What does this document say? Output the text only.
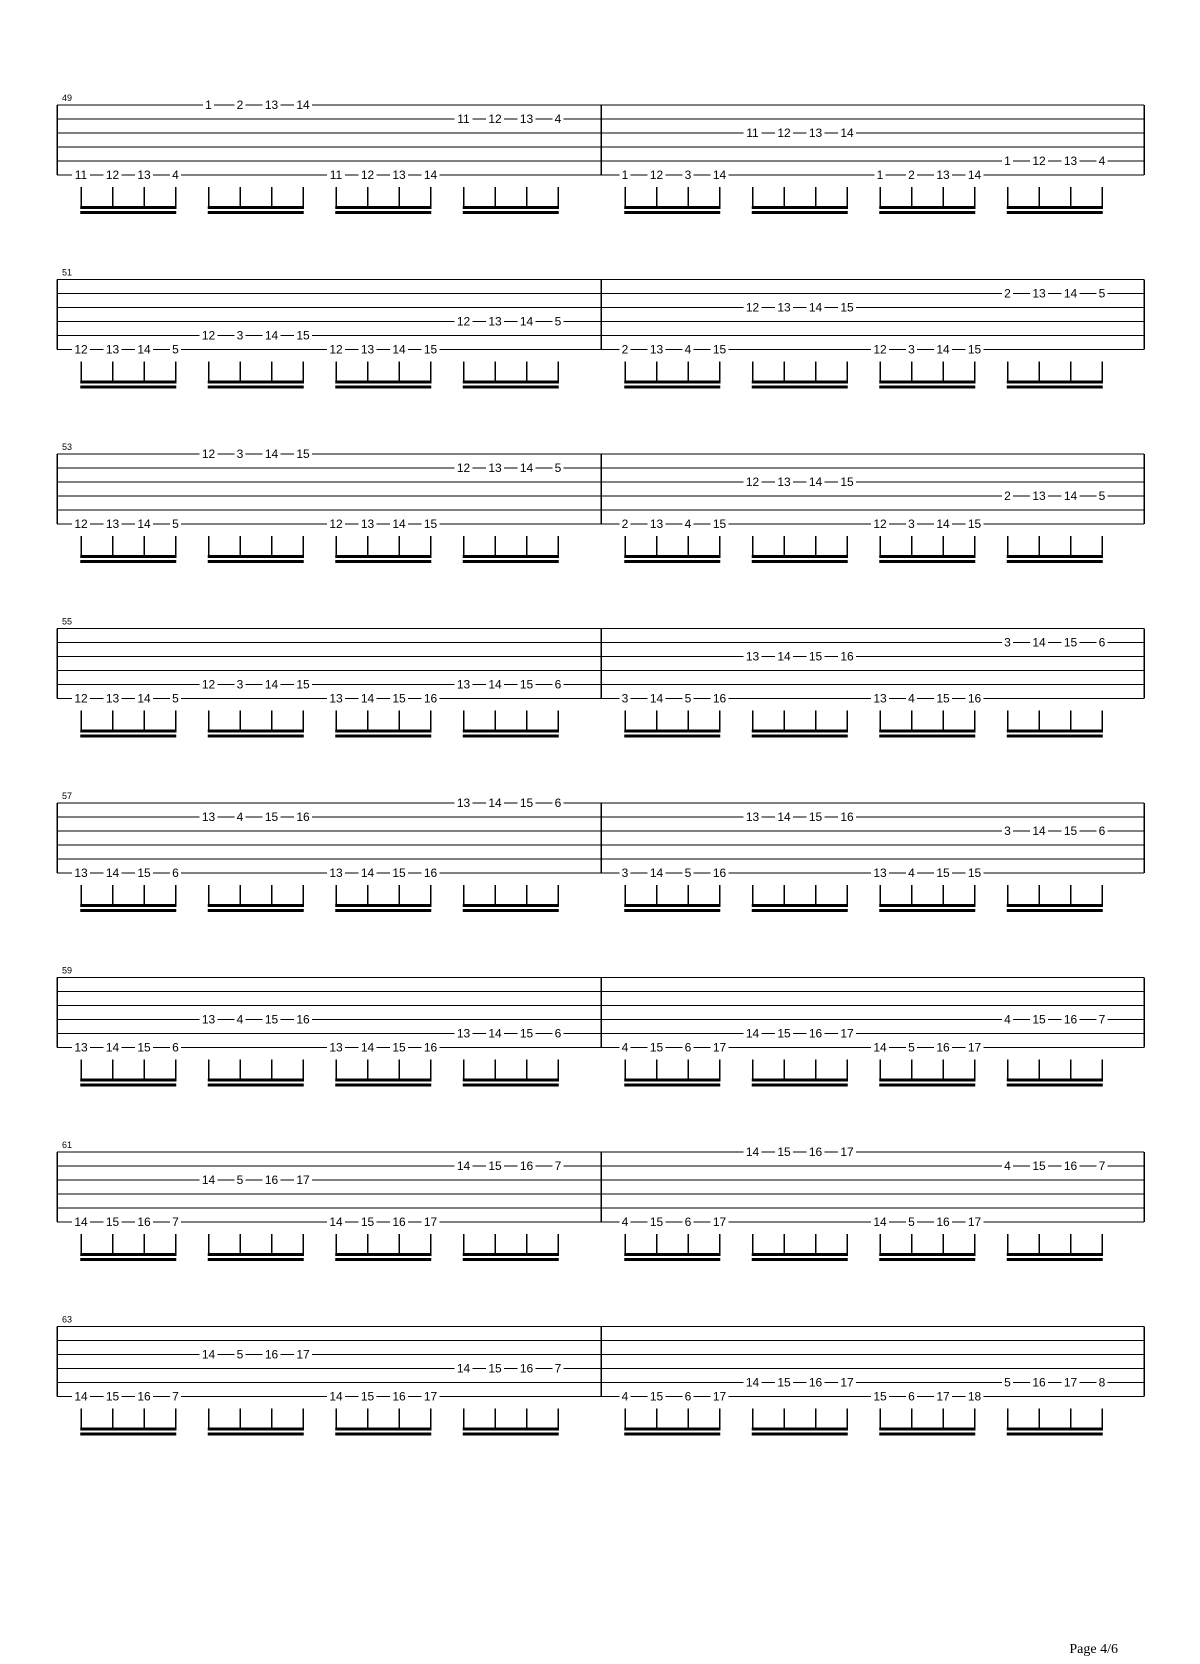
49
11 12 13 4
1 2 13 14
11 12 13 14
11 12 13 4
1 12 3 14
11 12 13 14
1 2 13 14
1 12 13 4
51
12 13 14 5
12 3 14 15
12 13 14 15
12 13 14 5
2 13 4 15
12 13 14 15
12 3 14 15
2 13 14 5
53
12 13 14 5
12 3 14 15
12 13 14 15
12 13 14 5
2 13 4 15
12 13 14 15
12 3 14 15
2 13 14 5
55
12 13 14 5
12 3 14 15
13 14 15 16
13 14 15 6
3 14 5 16
13 14 15 16
13 4 15 16
3 14 15 6
57
13 14 15 6
13 4 15 16
13 14 15 16
13 14 15 6
3 14 5 16
13 14 15 16
13 4 15 15
3 14 15 6
59
13 14 15 6
13 4 15 16
13 14 15 16
13 14 15 6
4 15 6 17
14 15 16 17
14 5 16 17
4 15 16 7
61
14 15 16 7
14 5 16 17
14 15 16 17
14 15 16 7
4 15 6 17
14 15 16 17
14 5 16 17
4 15 16 7
63
14 15 16 7
14 5 16 17
14 15 16 17
14 15 16 7
4 15 6 17
14 15 16 17
15 6 17 18
5 16 17 8
Page 4/6
